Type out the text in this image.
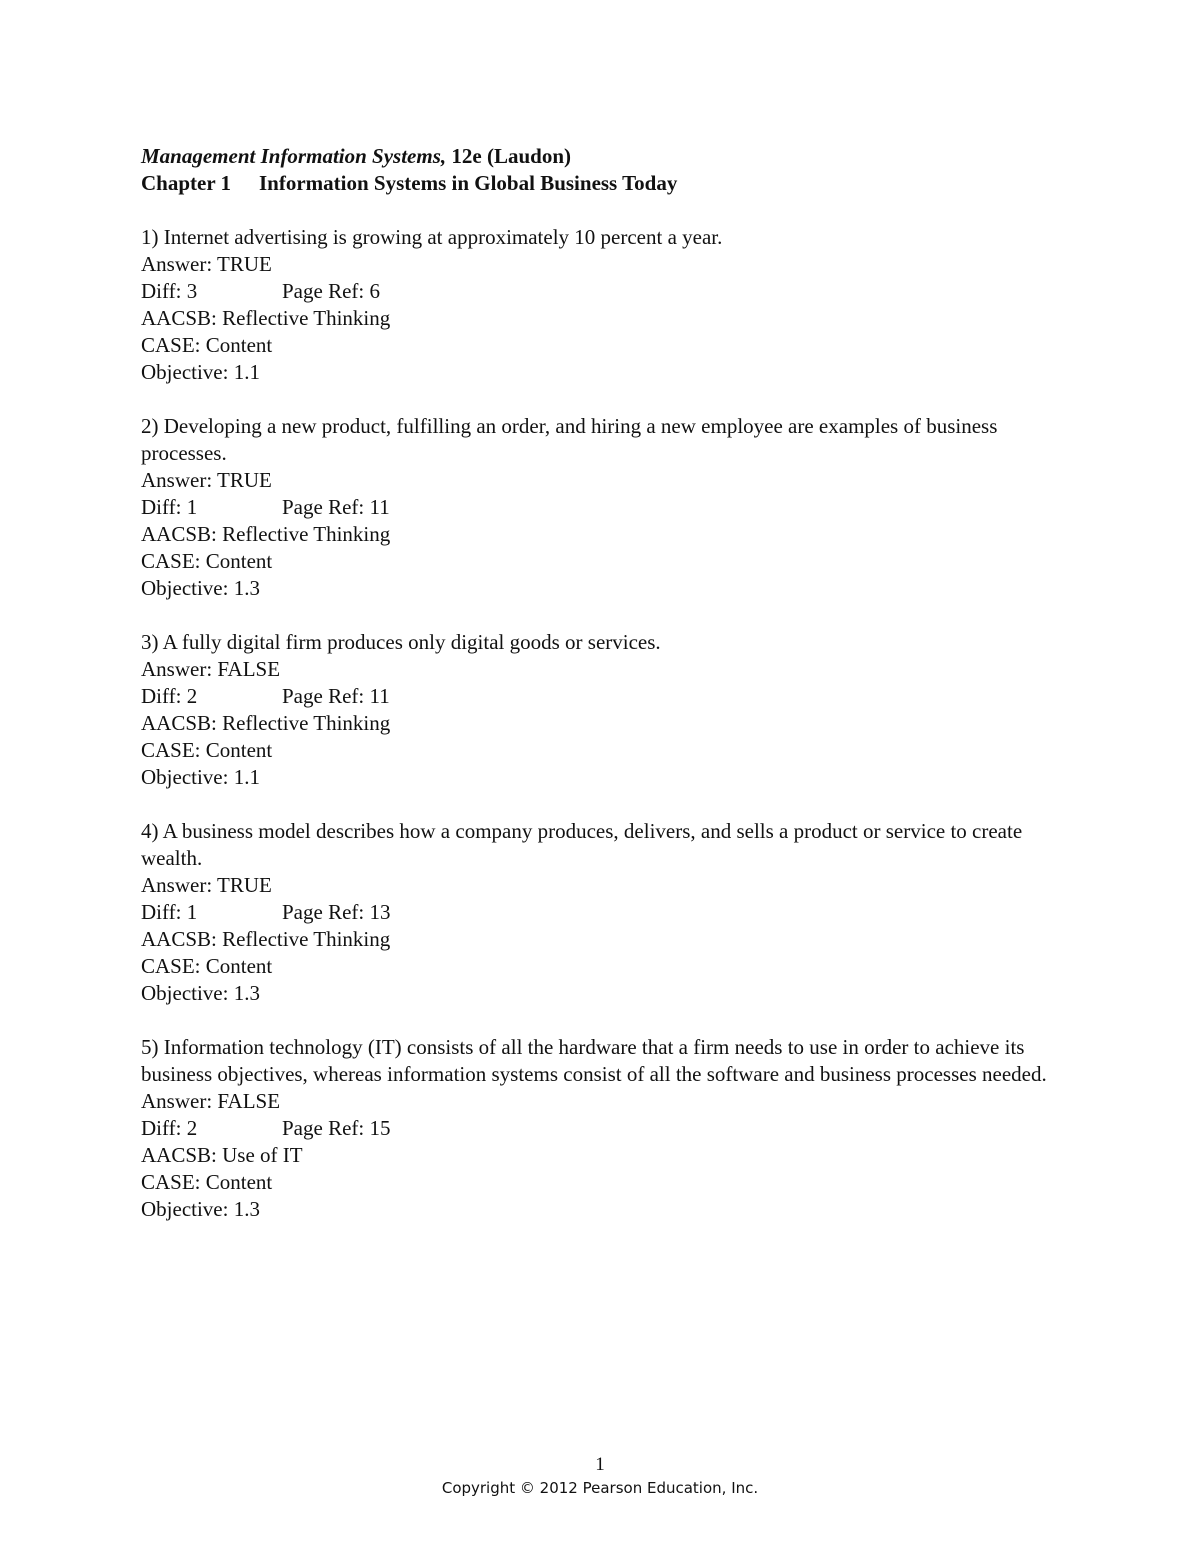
Management Information Systems, 12e (Laudon)
Chapter 1 Information Systems in Global Business Today
1) Internet advertising is growing at approximately 10 percent a year.
Answer: TRUE
Diff: 3	Page Ref: 6
AACSB: Reflective Thinking
CASE: Content
Objective: 1.1
2) Developing a new product, fulfilling an order, and hiring a new employee are examples of business processes.
Answer: TRUE
Diff: 1	Page Ref: 11
AACSB: Reflective Thinking
CASE: Content
Objective: 1.3
3) A fully digital firm produces only digital goods or services.
Answer: FALSE
Diff: 2	Page Ref: 11
AACSB: Reflective Thinking
CASE: Content
Objective: 1.1
4) A business model describes how a company produces, delivers, and sells a product or service to create wealth.
Answer: TRUE
Diff: 1	Page Ref: 13
AACSB: Reflective Thinking
CASE: Content
Objective: 1.3
5) Information technology (IT) consists of all the hardware that a firm needs to use in order to achieve its business objectives, whereas information systems consist of all the software and business processes needed.
Answer: FALSE
Diff: 2	Page Ref: 15
AACSB: Use of IT
CASE: Content
Objective: 1.3
1
Copyright © 2012 Pearson Education, Inc.
